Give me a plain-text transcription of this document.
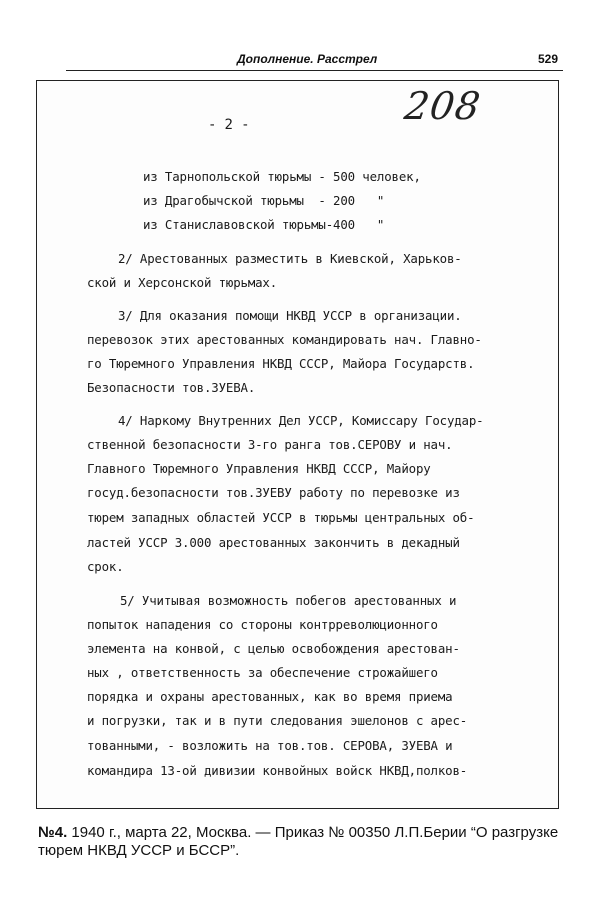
Дополнение. Расстрел	529
- 2 -	208
из Тарнопольской тюрьмы - 500 человек,
из Драгобычской тюрьмы  - 200   "
из Станиславовской тюрьмы-400   "
2/ Арестованных разместить в Киевской, Харьков-
ской и Херсонской тюрьмах.
3/ Для оказания помощи НКВД УССР в организации.
перевозок этих арестованных командировать нач. Главно-
го Тюремного Управления НКВД СССР, Майора Государств.
Безопасности тов.ЗУЕВА.
4/ Наркому Внутренних Дел УССР, Комиссару Государ-
ственной безопасности 3-го ранга тов.СЕРОВУ и нач.
Главного Тюремного Управления НКВД СССР, Майору
госуд.безопасности тов.ЗУЕВУ работу по перевозке из
тюрем западных областей УССР в тюрьмы центральных об-
ластей УССР 3.000 арестованных закончить в декадный
срок.
5/ Учитывая возможность побегов арестованных и
попыток нападения со стороны контрреволюционного
элемента на конвой, с целью освобождения арестован-
ных , ответственность за обеспечение строжайшего
порядка и охраны арестованных, как во время приема
и погрузки, так и в пути следования эшелонов с арес-
тованными, - возложить на тов.тов. СЕРОВА, ЗУЕВА и
командира 13-ой дивизии конвойных войск НКВД,полков-
№4. 1940 г., марта 22, Москва. — Приказ № 00350 Л.П.Берии “О разгрузке тюрем НКВД УССР и БССР”.
